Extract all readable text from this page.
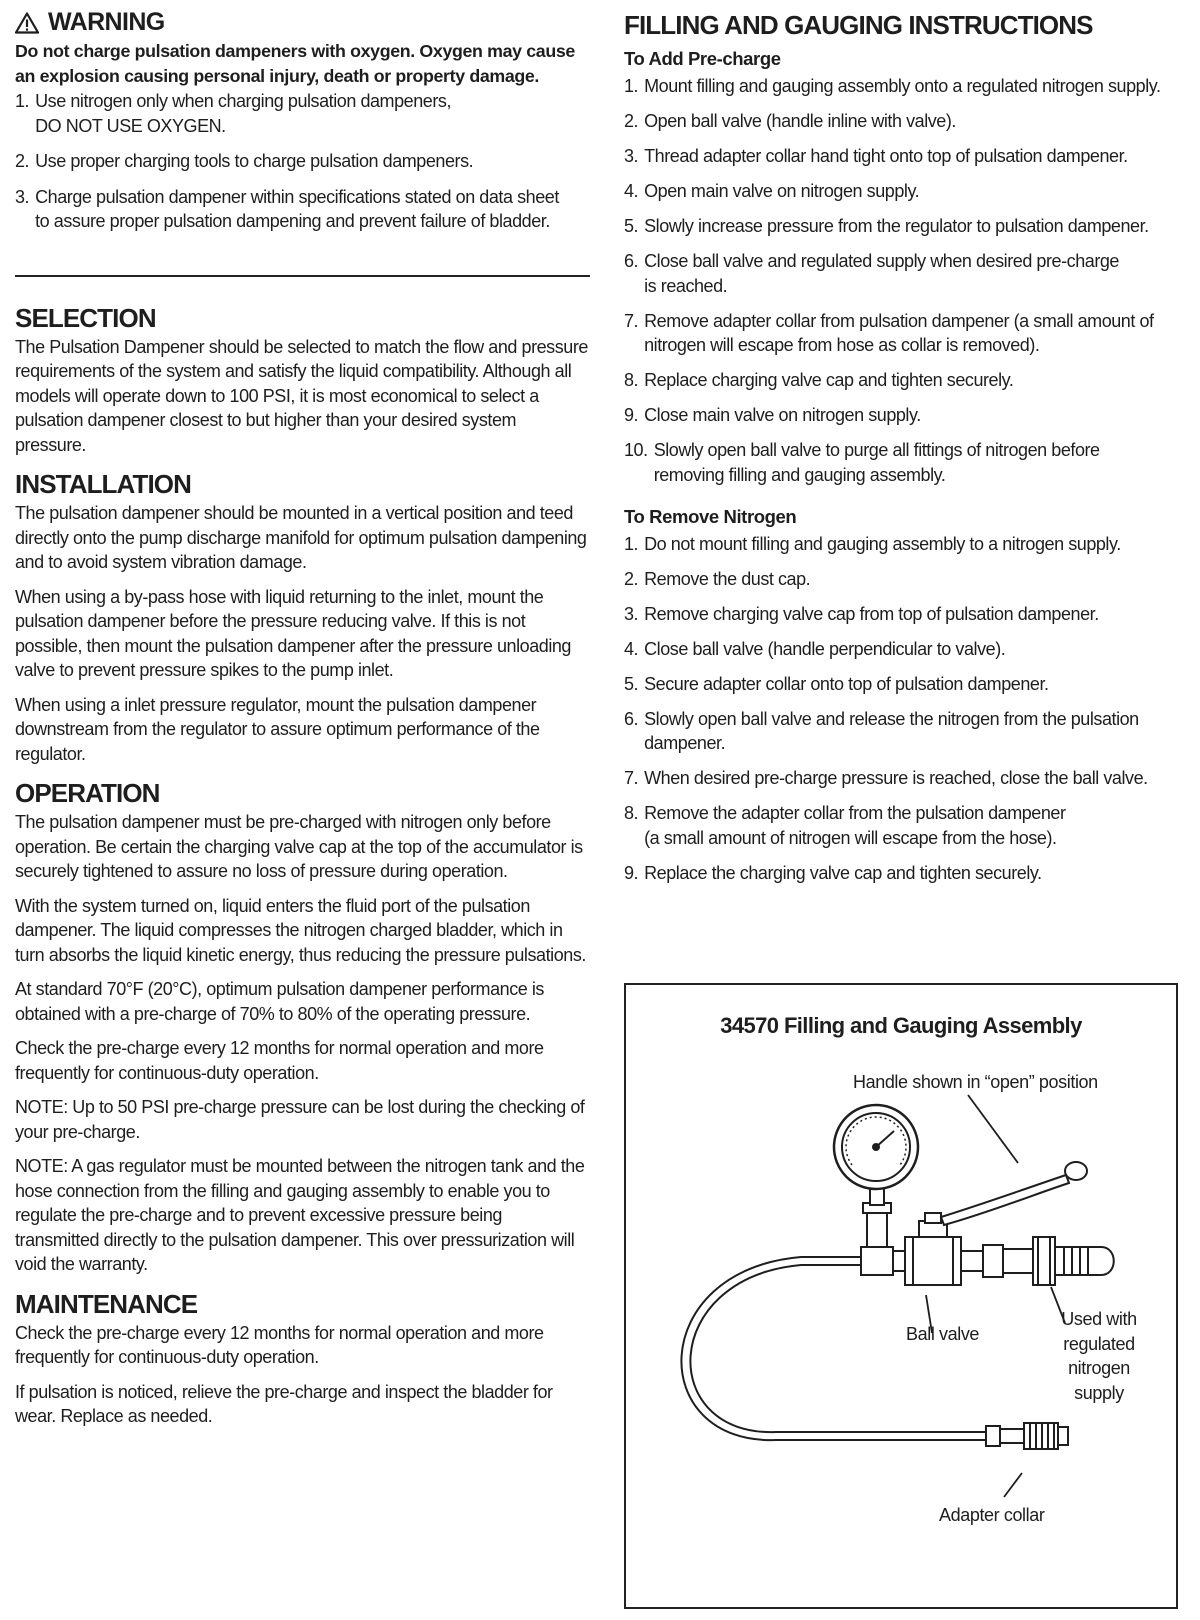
WARNING

Do not charge pulsation dampeners with oxygen. Oxygen may cause an explosion causing personal injury, death or property damage.

1. Use nitrogen only when charging pulsation dampeners,
DO NOT USE OXYGEN.
2. Use proper charging tools to charge pulsation dampeners.
3. Charge pulsation dampener within specifications stated on data sheet
to assure proper pulsation dampening and prevent failure of bladder.
SELECTION

The Pulsation Dampener should be selected to match the flow and pressure requirements of the system and satisfy the liquid compatibility. Although all models will operate down to 100 PSI, it is most economical to select a pulsation dampener closest to but higher than your desired system pressure.

INSTALLATION

The pulsation dampener should be mounted in a vertical position and teed directly onto the pump discharge manifold for optimum pulsation dampening and to avoid system vibration damage.

When using a by-pass hose with liquid returning to the inlet, mount the pulsation dampener before the pressure reducing valve. If this is not possible, then mount the pulsation dampener after the pressure unloading valve to prevent pressure spikes to the pump inlet.

When using a inlet pressure regulator, mount the pulsation dampener downstream from the regulator to assure optimum performance of the regulator.

OPERATION

The pulsation dampener must be pre-charged with nitrogen only before operation. Be certain the charging valve cap at the top of the accumulator is securely tightened to assure no loss of pressure during operation.

With the system turned on, liquid enters the fluid port of the pulsation dampener. The liquid compresses the nitrogen charged bladder, which in turn absorbs the liquid kinetic energy, thus reducing the pressure pulsations.

At standard 70°F (20°C), optimum pulsation dampener performance is obtained with a pre-charge of 70% to 80% of the operating pressure.

Check the pre-charge every 12 months for normal operation and more frequently for continuous-duty operation.

NOTE: Up to 50 PSI pre-charge pressure can be lost during the checking of your pre-charge.

NOTE: A gas regulator must be mounted between the nitrogen tank and the hose connection from the filling and gauging assembly to enable you to regulate the pre-charge and to prevent excessive pressure being transmitted directly to the pulsation dampener. This over pressurization will void the warranty.

MAINTENANCE

Check the pre-charge every 12 months for normal operation and more frequently for continuous-duty operation.

If pulsation is noticed, relieve the pre-charge and inspect the bladder for wear. Replace as needed.

FILLING AND GAUGING INSTRUCTIONS
To Add Pre-charge
1. Mount filling and gauging assembly onto a regulated nitrogen supply.
2. Open ball valve (handle inline with valve).
3. Thread adapter collar hand tight onto top of pulsation dampener.
4. Open main valve on nitrogen supply.
5. Slowly increase pressure from the regulator to pulsation dampener.
6. Close ball valve and regulated supply when desired pre-charge
is reached.
7. Remove adapter collar from pulsation dampener (a small amount of
nitrogen will escape from hose as collar is removed).
8. Replace charging valve cap and tighten securely.
9. Close main valve on nitrogen supply.
10. Slowly open ball valve to purge all fittings of nitrogen before
removing filling and gauging assembly.
To Remove Nitrogen
1. Do not mount filling and gauging assembly to a nitrogen supply.
2. Remove the dust cap.
3. Remove charging valve cap from top of pulsation dampener.
4. Close ball valve (handle perpendicular to valve).
5. Secure adapter collar onto top of pulsation dampener.
6. Slowly open ball valve and release the nitrogen from the pulsation
dampener.
7. When desired pre-charge pressure is reached, close the ball valve.
8. Remove the adapter collar from the pulsation dampener
(a small amount of nitrogen will escape from the hose).
9. Replace the charging valve cap and tighten securely.
34570 Filling and Gauging Assembly
Handle shown in “open” position
Ball valve
Used with
regulated
nitrogen
supply
Adapter collar
